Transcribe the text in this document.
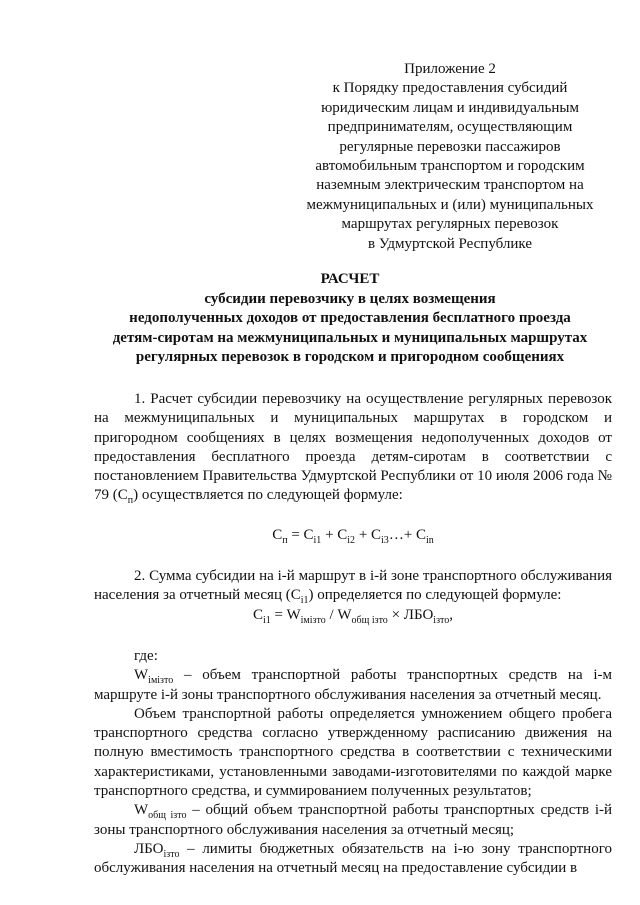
Приложение 2
к Порядку предоставления субсидий
юридическим лицам и индивидуальным
предпринимателям, осуществляющим
регулярные перевозки пассажиров
автомобильным транспортом и городским
наземным электрическим транспортом на
межмуниципальных и (или) муниципальных
маршрутах регулярных перевозок
в Удмуртской Республике
РАСЧЕТ
субсидии перевозчику в целях возмещения
недополученных доходов от предоставления бесплатного проезда
детям-сиротам на межмуниципальных и муниципальных маршрутах
регулярных перевозок в городском и пригородном сообщениях

1. Расчет субсидии перевозчику на осуществление регулярных перевозок на межмуниципальных и муниципальных маршрутах в городском и пригородном сообщениях в целях возмещения недополученных доходов от предоставления бесплатного проезда детям-сиротам в соответствии с постановлением Правительства Удмуртской Республики от 10 июля 2006 года № 79 $(С_п)$ осуществляется по следующей формуле:

$С_п = С_{i1} + С_{i2}$ + $С_{i3}\dots+ С_{in}$

2. Сумма субсидии на i-й маршрут в i-й зоне транспортного обслуживания населения за отчетный месяц $(С_{i1})$ определяется по следующей формуле:

$С_{i1} = W_{iмізто} / W_{общ ізто} \times ЛБО_{ізто}$,

где:

$W_{iмізто}$ – объем транспортной работы транспортных средств на i-м маршруте i-й зоны транспортного обслуживания населения за отчетный месяц.

Объем транспортной работы определяется умножением общего пробега транспортного средства согласно утвержденному расписанию движения на полную вместимость транспортного средства в соответствии с техническими характеристиками, установленными заводами-изготовителями по каждой марке транспортного средства, и суммированием полученных результатов;

$W_{общ ізто}$ – общий объем транспортной работы транспортных средств i-й зоны транспортного обслуживания населения за отчетный месяц;

$ЛБО_{ізто}$ – лимиты бюджетных обязательств на i-ю зону транспортного обслуживания населения на отчетный месяц на предоставление субсидии в
